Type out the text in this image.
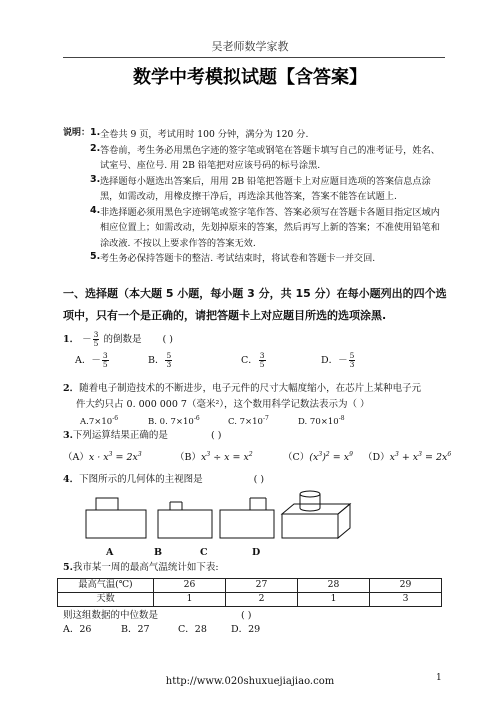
吴老师数学家教
数学中考模拟试题【含答案】
说明： 1. 全卷共 9 页，考试用时 100 分钟，满分为 120 分.
2. 答卷前，考生务必用黑色字迹的签字笔或钢笔在答题卡填写自己的准考证号，姓名、试室号、座位号. 用 2B 铅笔把对应该号码的标号涂黑.
3. 选择题每小题选出答案后，用用 2B 铅笔把答题卡上对应题目选项的答案信息点涂黑，如需改动，用橡皮擦干净后，再选涂其他答案，答案不能答在试题上.
4. 非选择题必须用黑色字迹钢笔或签字笔作答、答案必须写在答题卡各题目指定区域内相应位置上；如需改动，先划掉原来的答案，然后再写上新的答案；不准使用铅笔和涂改液. 不按以上要求作答的答案无效.
5. 考生务必保持答题卡的整洁. 考试结束时，将试卷和答题卡一并交回.
一、选择题（本大题 5 小题，每小题 3 分，共 15 分）在每小题列出的四个选项中，只有一个是正确的，请把答题卡上对应题目所选的选项涂黑.
1． － $\frac{3}{5}$ 的倒数是 ( )
A．－ $\frac{3}{5}$	B． $\frac{5}{3}$	C． $\frac{3}{5}$	D．－ $\frac{5}{3}$
2．随着电子制造技术的不断进步，电子元件的尺寸大幅度缩小，在芯片上某种电子元
件大约只占 0. 000 000 7（毫米²），这个数用科学记数法表示为（ ）
$A.7\times 10^{-6}$	B. 0. $7\times 10^{-6}$	C. $7\times 10^{-7}$	D. $70\times 10^{-8}$
3.下列运算结果正确的是	( )
$(A)x \cdot x^3 = 2x^3$	$(B)x^3 \div x = x^2$	$(C)(x^3)^2 = x^9$ $(D)x^3 + x^3 = 2x^6$
4．下图所示的几何体的主视图是	( )
A	B	C	D
5.我市某一周的最高气温统计如下表:
最高气温(℃)	26	27	28	29
天数	1	2	1	3
则这组数据的中位数是	( )
A．26	B．27	C．28	D．29
http://www.020shuxuejiajiao.com	1
